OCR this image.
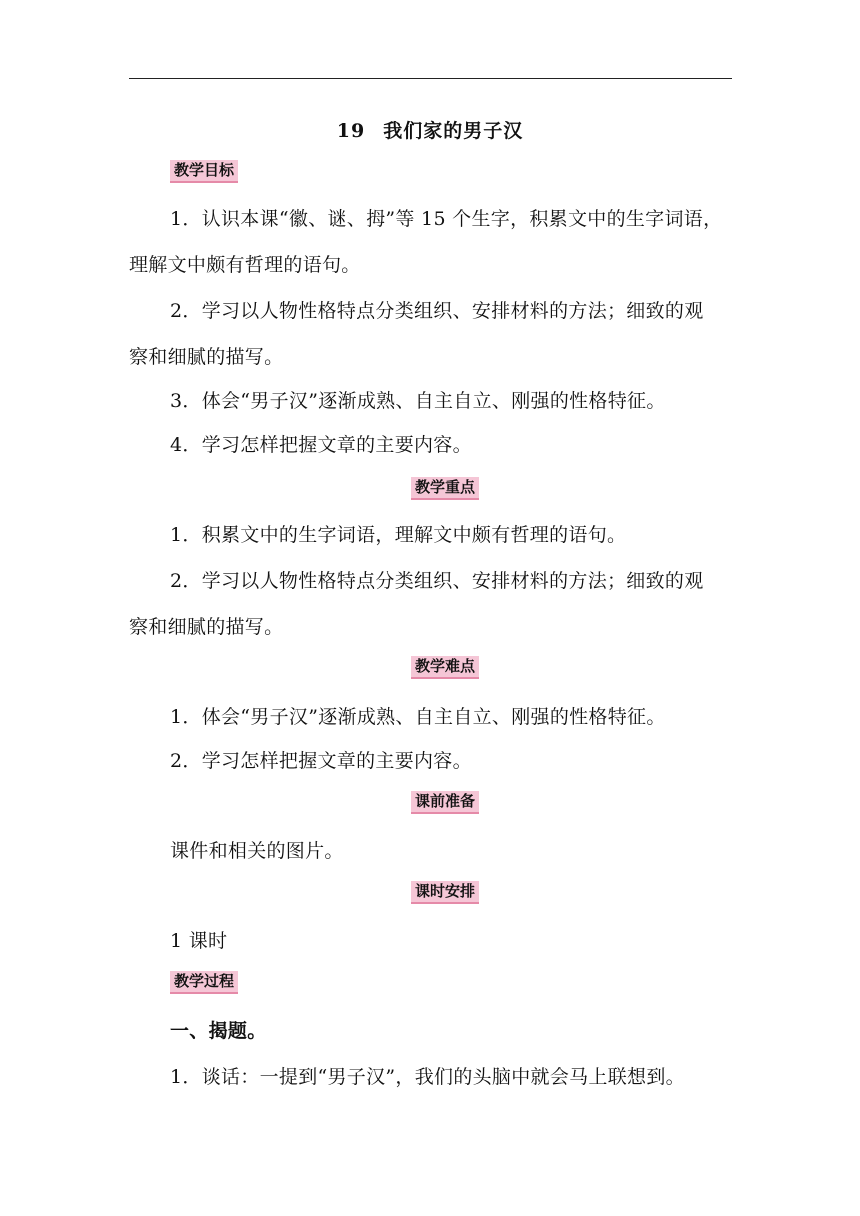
19 我们家的男子汉
教学目标
1．认识本课“徽、谜、拇”等 15 个生字，积累文中的生字词语，
理解文中颇有哲理的语句。
2．学习以人物性格特点分类组织、安排材料的方法；细致的观
察和细腻的描写。
3．体会“男子汉”逐渐成熟、自主自立、刚强的性格特征。
4．学习怎样把握文章的主要内容。
教学重点
1．积累文中的生字词语，理解文中颇有哲理的语句。
2．学习以人物性格特点分类组织、安排材料的方法；细致的观
察和细腻的描写。
教学难点
1．体会“男子汉”逐渐成熟、自主自立、刚强的性格特征。
2．学习怎样把握文章的主要内容。
课前准备
课件和相关的图片。
课时安排
1 课时
教学过程
一、揭题。
1．谈话：一提到“男子汉”，我们的头脑中就会马上联想到。
